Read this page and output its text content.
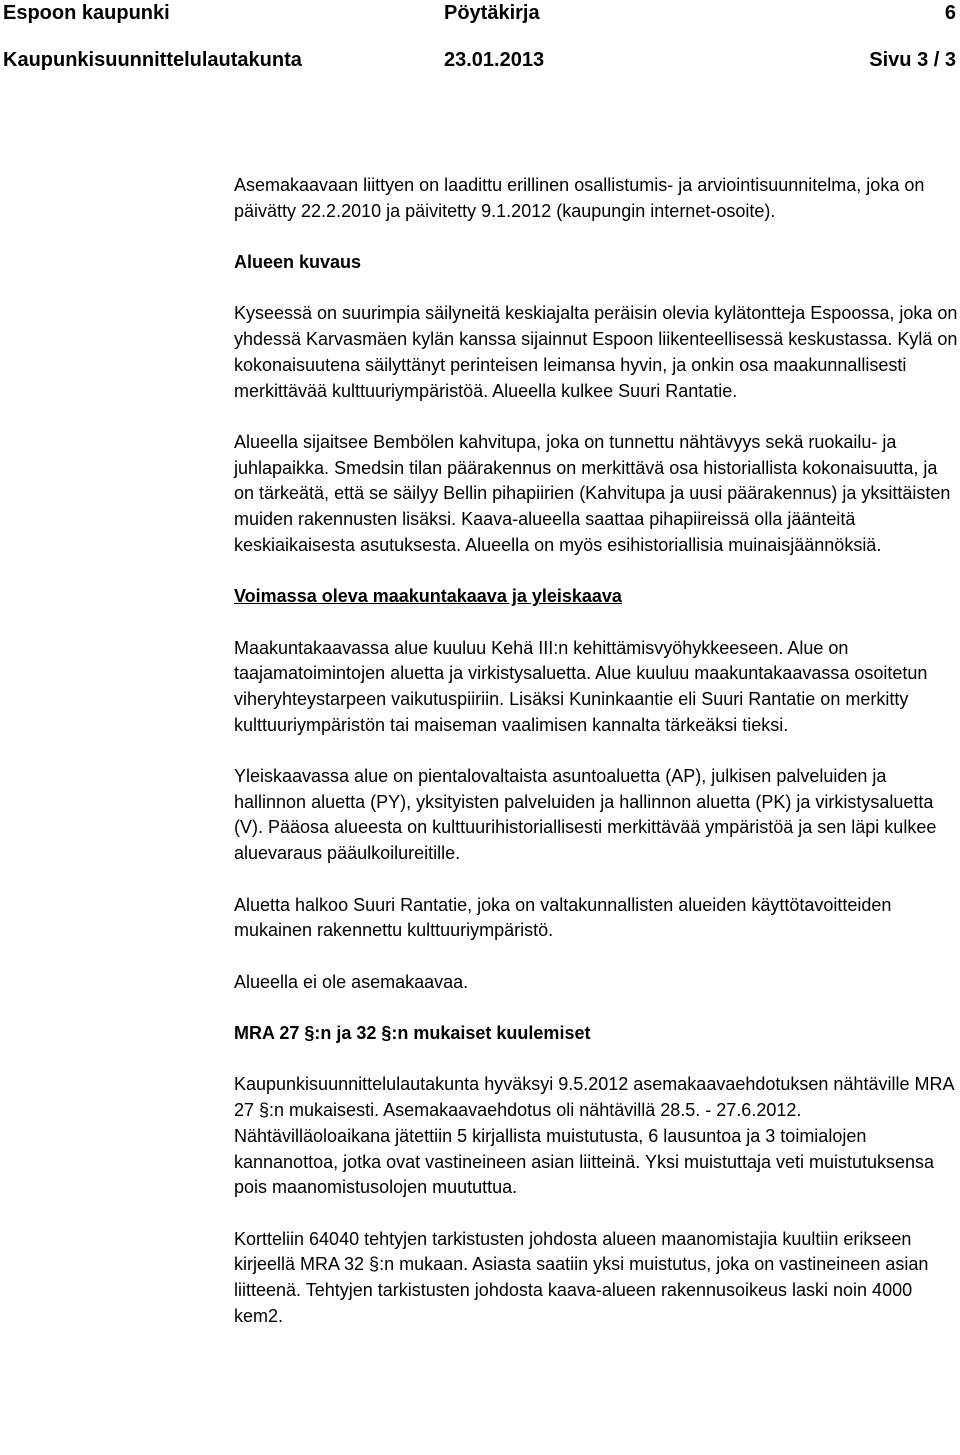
Espoon kaupunki	Pöytäkirja	6
Kaupunkisuunnittelulautakunta	23.01.2013	Sivu 3 / 3

Asemakaavaan liittyen on laadittu erillinen osallistumis- ja arviointisuunnitelma, joka on päivätty 22.2.2010 ja päivitetty 9.1.2012 (kaupungin internet-osoite).

Alueen kuvaus

Kyseessä on suurimpia säilyneitä keskiajalta peräisin olevia kylätontteja Espoossa, joka on yhdessä Karvasmäen kylän kanssa sijainnut Espoon liikenteellisessä keskustassa. Kylä on kokonaisuutena säilyttänyt perinteisen leimansa hyvin, ja onkin osa maakunnallisesti merkittävää kulttuuriympäristöä. Alueella kulkee Suuri Rantatie.

Alueella sijaitsee Bembölen kahvitupa, joka on tunnettu nähtävyys sekä ruokailu- ja juhlapaikka. Smedsin tilan päärakennus on merkittävä osa historiallista kokonaisuutta, ja on tärkeätä, että se säilyy Bellin pihapiirien (Kahvitupa ja uusi päärakennus) ja yksittäisten muiden rakennusten lisäksi. Kaava-alueella saattaa pihapiireissä olla jäänteitä keskiaikaisesta asutuksesta. Alueella on myös esihistoriallisia muinaisjäännöksiä.

Voimassa oleva maakuntakaava ja yleiskaava

Maakuntakaavassa alue kuuluu Kehä III:n kehittämisvyöhykkeeseen. Alue on taajamatoimintojen aluetta ja virkistysaluetta. Alue kuuluu maakuntakaavassa osoitetun viheryhteystarpeen vaikutuspiiriin. Lisäksi Kuninkaantie eli Suuri Rantatie on merkitty kulttuuriympäristön tai maiseman vaalimisen kannalta tärkeäksi tieksi.

Yleiskaavassa alue on pientalovaltaista asuntoaluetta (AP), julkisen palveluiden ja hallinnon aluetta (PY), yksityisten palveluiden ja hallinnon aluetta (PK) ja virkistysaluetta (V). Pääosa alueesta on kulttuurihistoriallisesti merkittävää ympäristöä ja sen läpi kulkee aluevaraus pääulkoilureitille.

Aluetta halkoo Suuri Rantatie, joka on valtakunnallisten alueiden käyttötavoitteiden mukainen rakennettu kulttuuriympäristö.

Alueella ei ole asemakaavaa.

MRA 27 §:n ja 32 §:n mukaiset kuulemiset

Kaupunkisuunnittelulautakunta hyväksyi 9.5.2012 asemakaavaehdotuksen nähtäville MRA 27 §:n mukaisesti. Asemakaavaehdotus oli nähtävillä 28.5. - 27.6.2012. Nähtävilläoloaikana jätettiin 5 kirjallista muistutusta, 6 lausuntoa ja 3 toimialojen kannanottoa, jotka ovat vastineineen asian liitteinä. Yksi muistuttaja veti muistutuksensa pois maanomistusolojen muututtua.

Kortteliin 64040 tehtyjen tarkistusten johdosta alueen maanomistajia kuultiin erikseen kirjeellä MRA 32 §:n mukaan. Asiasta saatiin yksi muistutus, joka on vastineineen asian liitteenä. Tehtyjen tarkistusten johdosta kaava-alueen rakennusoikeus laski noin 4000 kem2.
